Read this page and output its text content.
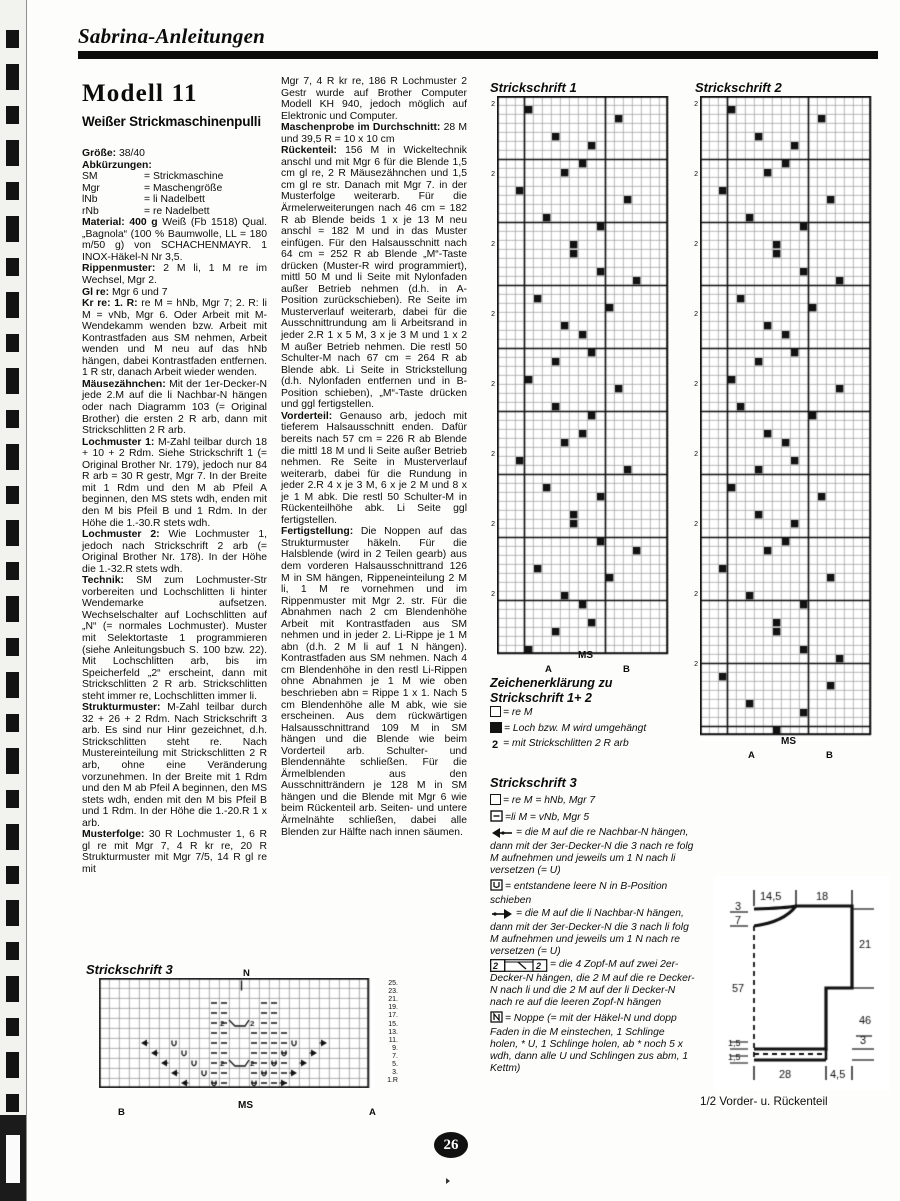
Sabrina-Anleitungen
Modell 11
Weißer Strickmaschinenpulli

Größe: 38/40

Abkürzungen:

SM	= Strickmaschine

Mgr	= Maschengröße

lNb	= li Nadelbett

rNb	= re Nadelbett

Material: 400 g Weiß (Fb 1518) Qual. „Bagnola“ (100 % Baumwolle, LL = 180 m/50 g) von SCHACHENMAYR. 1 INOX-Häkel-N Nr 3,5.

Rippenmuster: 2 M li, 1 M re im Wechsel, Mgr 2.

Gl re: Mgr 6 und 7

Kr re: 1. R: re M = hNb, Mgr 7; 2. R: li M = vNb, Mgr 6. Oder Arbeit mit M-Wendekamm wenden bzw. Arbeit mit Kontrastfaden aus SM nehmen, Arbeit wenden und M neu auf das hNb hängen, dabei Kontrastfaden entfernen. 1 R str, danach Arbeit wieder wenden.

Mäusezähnchen: Mit der 1er-Decker-N jede 2.M auf die li Nachbar-N hängen oder nach Diagramm 103 (= Original Brother) die ersten 2 R arb, dann mit Strickschlitten 2 R arb.

Lochmuster 1: M-Zahl teilbar durch 18 + 10 + 2 Rdm. Siehe Strickschrift 1 (= Original Brother Nr. 179), jedoch nur 84 R arb = 30 R gestr, Mgr 7. In der Breite mit 1 Rdm und den M ab Pfeil A beginnen, den MS stets wdh, enden mit den M bis Pfeil B und 1 Rdm. In der Höhe die 1.-30.R stets wdh.

Lochmuster 2: Wie Lochmuster 1, jedoch nach Strickschrift 2 arb (= Original Brother Nr. 178). In der Höhe die 1.-32.R stets wdh.

Technik: SM zum Lochmuster-Str vorbereiten und Lochschlitten li hinter Wendemarke aufsetzen. Wechselschalter auf Lochschlitten auf „N“ (= normales Lochmuster). Muster mit Selektortaste 1 programmieren (siehe Anleitungsbuch S. 100 bzw. 22). Mit Lochschlitten arb, bis im Speicherfeld „2“ erscheint, dann mit Strickschlitten 2 R arb. Strickschlitten steht immer re, Lochschlitten immer li.

Strukturmuster: M-Zahl teilbar durch 32 + 26 + 2 Rdm. Nach Strickschrift 3 arb. Es sind nur Hinr gezeichnet, d.h. Strickschlitten steht re. Nach Mustereinteilung mit Strickschlitten 2 R arb, ohne eine Veränderung vorzunehmen. In der Breite mit 1 Rdm und den M ab Pfeil A beginnen, den MS stets wdh, enden mit den M bis Pfeil B und 1 Rdm. In der Höhe die 1.-20.R 1 x arb.

Musterfolge: 30 R Lochmuster 1, 6 R gl re mit Mgr 7, 4 R kr re, 20 R Strukturmuster mit Mgr 7/5, 14 R gl re mit

Mgr 7, 4 R kr re, 186 R Lochmuster 2 Gestr wurde auf Brother Computer Modell KH 940, jedoch möglich auf Elektronic und Computer.

Maschenprobe im Durchschnitt: 28 M und 39,5 R = 10 x 10 cm

Rückenteil: 156 M in Wickeltechnik anschl und mit Mgr 6 für die Blende 1,5 cm gl re, 2 R Mäusezähnchen und 1,5 cm gl re str. Danach mit Mgr 7. in der Musterfolge weiterarb. Für die Ärmelerweiterungen nach 46 cm = 182 R ab Blende beids 1 x je 13 M neu anschl = 182 M und in das Muster einfügen. Für den Halsausschnitt nach 64 cm = 252 R ab Blende „M“-Taste drücken (Muster-R wird programmiert), mittl 50 M und li Seite mit Nylonfaden außer Betrieb nehmen (d.h. in A-Position zurückschieben). Re Seite im Musterverlauf weiterarb, dabei für die Ausschnittrundung am li Arbeitsrand in jeder 2.R 1 x 5 M, 3 x je 3 M und 1 x 2 M außer Betrieb nehmen. Die restl 50 Schulter-M nach 67 cm = 264 R ab Blende abk. Li Seite in Strickstellung (d.h. Nylonfaden entfernen und in B-Position schieben), „M“-Taste drücken und ggl fertigstellen.

Vorderteil: Genauso arb, jedoch mit tieferem Halsausschnitt enden. Dafür bereits nach 57 cm = 226 R ab Blende die mittl 18 M und li Seite außer Betrieb nehmen. Re Seite in Musterverlauf weiterarb, dabei für die Rundung in jeder 2.R 4 x je 3 M, 6 x je 2 M und 8 x je 1 M abk. Die restl 50 Schulter-M in Rückenteilhöhe abk. Li Seite ggl fertigstellen.

Fertigstellung: Die Noppen auf das Strukturmuster häkeln. Für die Halsblende (wird in 2 Teilen gearb) aus dem vorderen Halsausschnittrand 126 M in SM hängen, Rippeneinteilung 2 M li, 1 M re vornehmen und im Rippenmuster mit Mgr 2. str. Für die Abnahmen nach 2 cm Blendenhöhe Arbeit mit Kontrastfaden aus SM nehmen und in jeder 2. Li-Rippe je 1 M abn (d.h. 2 M li auf 1 N hängen). Kontrastfaden aus SM nehmen. Nach 4 cm Blendenhöhe in den restl Li-Rippen ohne Abnahmen je 1 M wie oben beschrieben abn = Rippe 1 x 1. Nach 5 cm Blendenhöhe alle M abk, wie sie erscheinen. Aus dem rückwärtigen Halsausschnittrand 109 M in SM hängen und die Blende wie beim Vorderteil arb. Schulter- und Blendennähte schließen. Für die Ärmelblenden aus den Ausschnitträndern je 128 M in SM hängen und die Blende mit Mgr 6 wie beim Rückenteil arb. Seiten- und untere Ärmelnähte schließen, dabei alle Blenden zur Hälfte nach innen säumen.

Strickschrift 1	Strickschrift 2
Strickschrift 3
Strickschrift 3
2
2
2
2
2
2
2
2
2
2
2
2
2
2
2
2
2
A	B
MS
A	B
MS
A
B
MS
25.
23.
21.
19.
17.
15.
13.
11.
9.
7.
5.
3.
1.R
N
Zeichenerklärung zu
Strickschrift 1+ 2
= re M
= Loch bzw. M wird umgehängt
2 = mit Strickschlitten 2 R arb
= re M = hNb, Mgr 7
=li M = vNb, Mgr 5
= die M auf die re Nachbar-N hängen, dann mit der 3er-Decker-N die 3 nach re folg M aufnehmen und jeweils um 1 N nach li versetzen (= U)
= entstandene leere N in B-Position schieben
= die M auf die li Nachbar-N hängen, dann mit der 3er-Decker-N die 3 nach li folg M aufnehmen und jeweils um 1 N nach re versetzen (= U)
2	2 = die 4 Zopf-M auf zwei 2er-Decker-N hängen, die 2 M auf die re Decker-N nach li und die 2 M auf der li Decker-N nach re auf die leeren Zopf-N hängen
= Noppe (= mit der Häkel-N und dopp Faden in die M einstechen, 1 Schlinge holen, * U, 1 Schlinge holen, ab * noch 5 x wdh, dann alle U und Schlingen zus abm, 1 Kettm)
1/2 Vorder- u. Rückenteil
26
